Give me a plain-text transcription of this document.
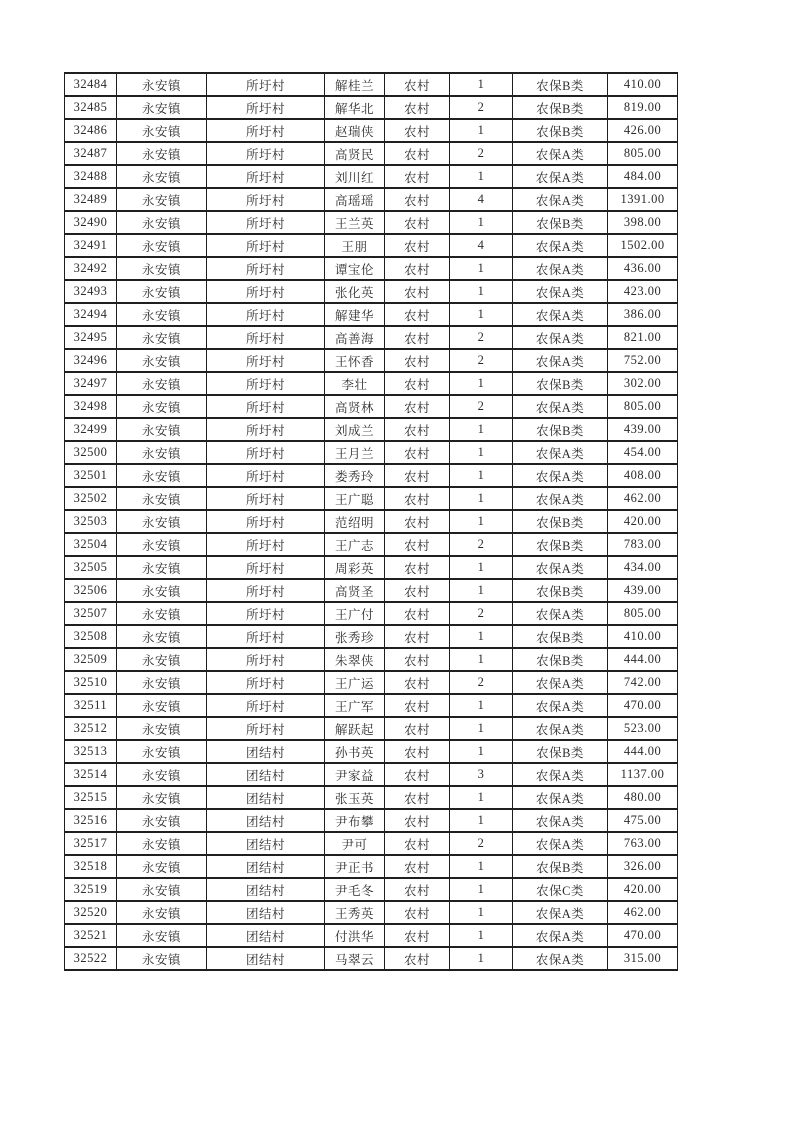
32484	永安镇	所圩村	解桂兰	农村	1	农保B类	410.00
32485	永安镇	所圩村	解华北	农村	2	农保B类	819.00
32486	永安镇	所圩村	赵瑞侠	农村	1	农保B类	426.00
32487	永安镇	所圩村	高贤民	农村	2	农保A类	805.00
32488	永安镇	所圩村	刘川红	农村	1	农保A类	484.00
32489	永安镇	所圩村	高瑶瑶	农村	4	农保A类	1391.00
32490	永安镇	所圩村	王兰英	农村	1	农保B类	398.00
32491	永安镇	所圩村	王朋	农村	4	农保A类	1502.00
32492	永安镇	所圩村	谭宝伦	农村	1	农保A类	436.00
32493	永安镇	所圩村	张化英	农村	1	农保A类	423.00
32494	永安镇	所圩村	解建华	农村	1	农保A类	386.00
32495	永安镇	所圩村	高善海	农村	2	农保A类	821.00
32496	永安镇	所圩村	王怀香	农村	2	农保A类	752.00
32497	永安镇	所圩村	李壮	农村	1	农保B类	302.00
32498	永安镇	所圩村	高贤林	农村	2	农保A类	805.00
32499	永安镇	所圩村	刘成兰	农村	1	农保B类	439.00
32500	永安镇	所圩村	王月兰	农村	1	农保A类	454.00
32501	永安镇	所圩村	娄秀玲	农村	1	农保A类	408.00
32502	永安镇	所圩村	王广聪	农村	1	农保A类	462.00
32503	永安镇	所圩村	范绍明	农村	1	农保B类	420.00
32504	永安镇	所圩村	王广志	农村	2	农保B类	783.00
32505	永安镇	所圩村	周彩英	农村	1	农保A类	434.00
32506	永安镇	所圩村	高贤圣	农村	1	农保B类	439.00
32507	永安镇	所圩村	王广付	农村	2	农保A类	805.00
32508	永安镇	所圩村	张秀珍	农村	1	农保B类	410.00
32509	永安镇	所圩村	朱翠侠	农村	1	农保B类	444.00
32510	永安镇	所圩村	王广运	农村	2	农保A类	742.00
32511	永安镇	所圩村	王广军	农村	1	农保A类	470.00
32512	永安镇	所圩村	解跃起	农村	1	农保A类	523.00
32513	永安镇	团结村	孙书英	农村	1	农保B类	444.00
32514	永安镇	团结村	尹家益	农村	3	农保A类	1137.00
32515	永安镇	团结村	张玉英	农村	1	农保A类	480.00
32516	永安镇	团结村	尹布攀	农村	1	农保A类	475.00
32517	永安镇	团结村	尹可	农村	2	农保A类	763.00
32518	永安镇	团结村	尹正书	农村	1	农保B类	326.00
32519	永安镇	团结村	尹毛冬	农村	1	农保C类	420.00
32520	永安镇	团结村	王秀英	农村	1	农保A类	462.00
32521	永安镇	团结村	付洪华	农村	1	农保A类	470.00
32522	永安镇	团结村	马翠云	农村	1	农保A类	315.00
